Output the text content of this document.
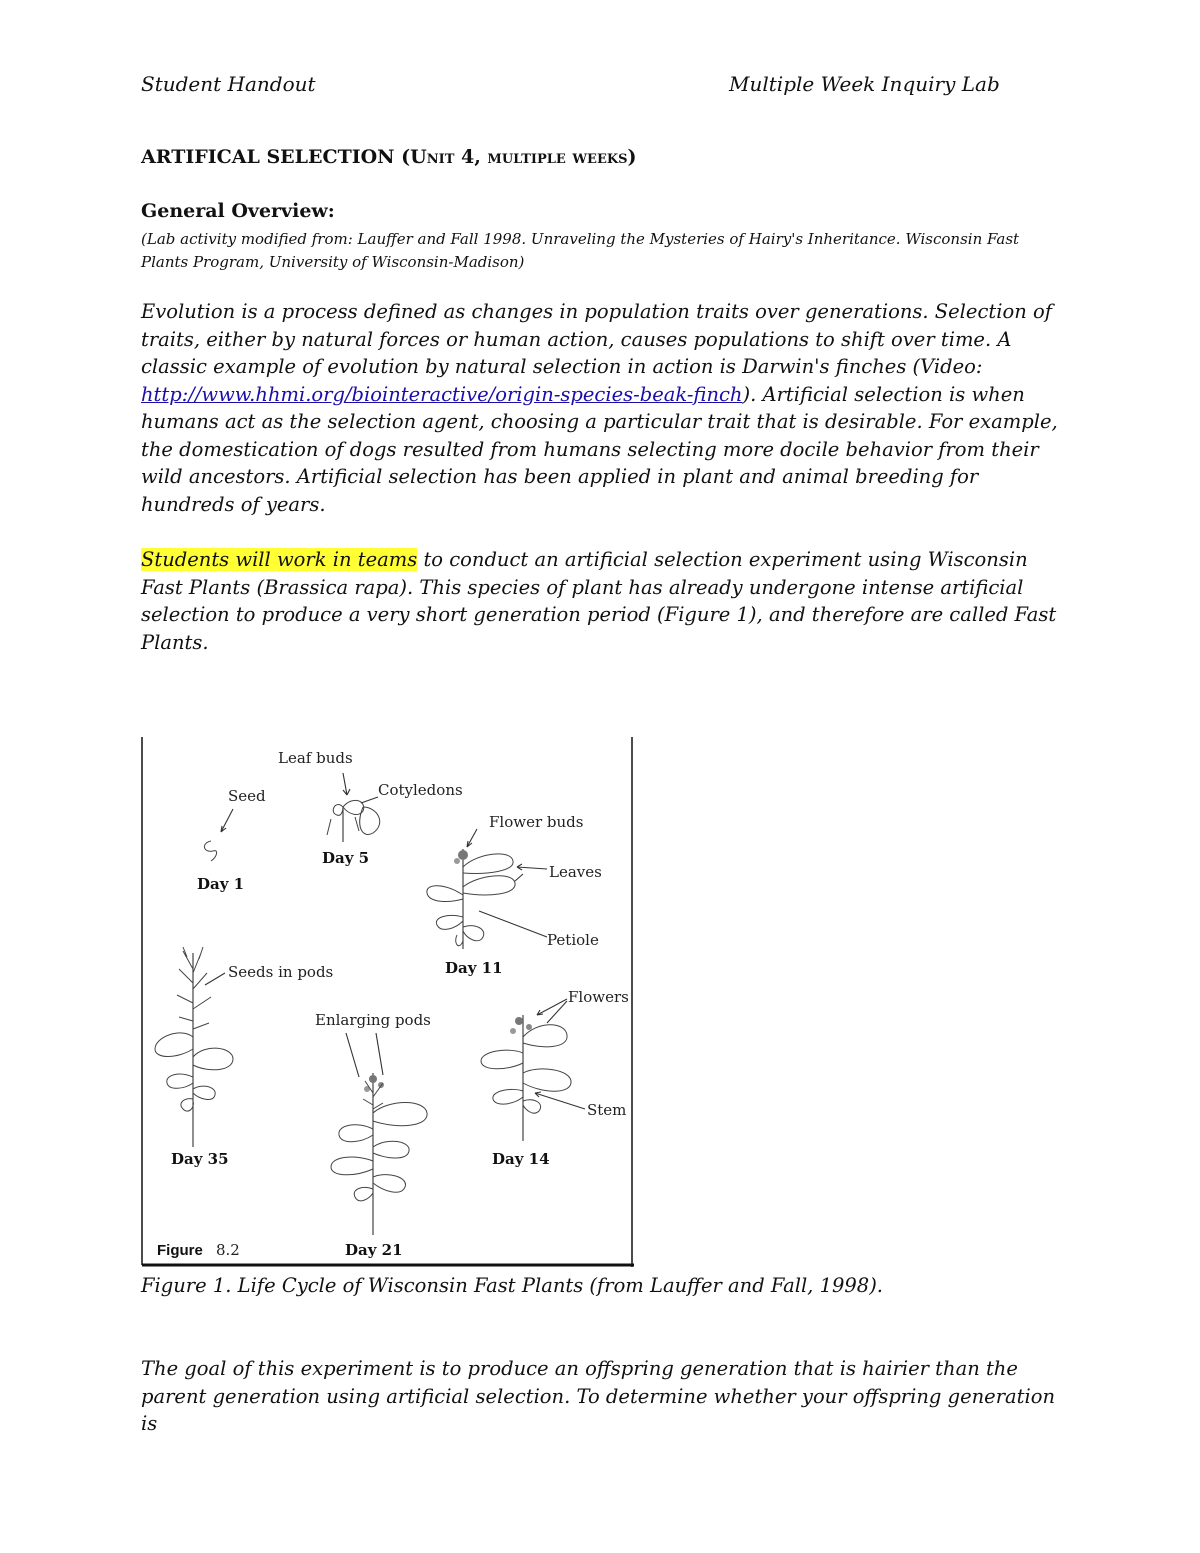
Student Handout	Multiple Week Inquiry Lab
ARTIFICAL SELECTION (Unit 4, multiple weeks)
General Overview:
(Lab activity modified from: Lauffer and Fall 1998. Unraveling the Mysteries of Hairy's Inheritance. Wisconsin Fast Plants Program, University of Wisconsin-Madison)

Evolution is a process defined as changes in population traits over generations. Selection of traits, either by natural forces or human action, causes populations to shift over time. A classic example of evolution by natural selection in action is Darwin's finches (Video: http://www.hhmi.org/biointeractive/origin-species-beak-finch). Artificial selection is when humans act as the selection agent, choosing a particular trait that is desirable. For example, the domestication of dogs resulted from humans selecting more docile behavior from their wild ancestors. Artificial selection has been applied in plant and animal breeding for hundreds of years.

Students will work in teams to conduct an artificial selection experiment using Wisconsin Fast Plants (Brassica rapa). This species of plant has already undergone intense artificial selection to produce a very short generation period (Figure 1), and therefore are called Fast Plants.

Seed
Day 1
Leaf buds
Cotyledons
Day 5
Flower buds
Leaves
Petiole
Day 11
Seeds in pods
Day 35
Enlarging pods
Day 21
Flowers
Stem
Day 14
Figure 8.2
Figure 1. Life Cycle of Wisconsin Fast Plants (from Lauffer and Fall, 1998).

The goal of this experiment is to produce an offspring generation that is hairier than the parent generation using artificial selection. To determine whether your offspring generation is
